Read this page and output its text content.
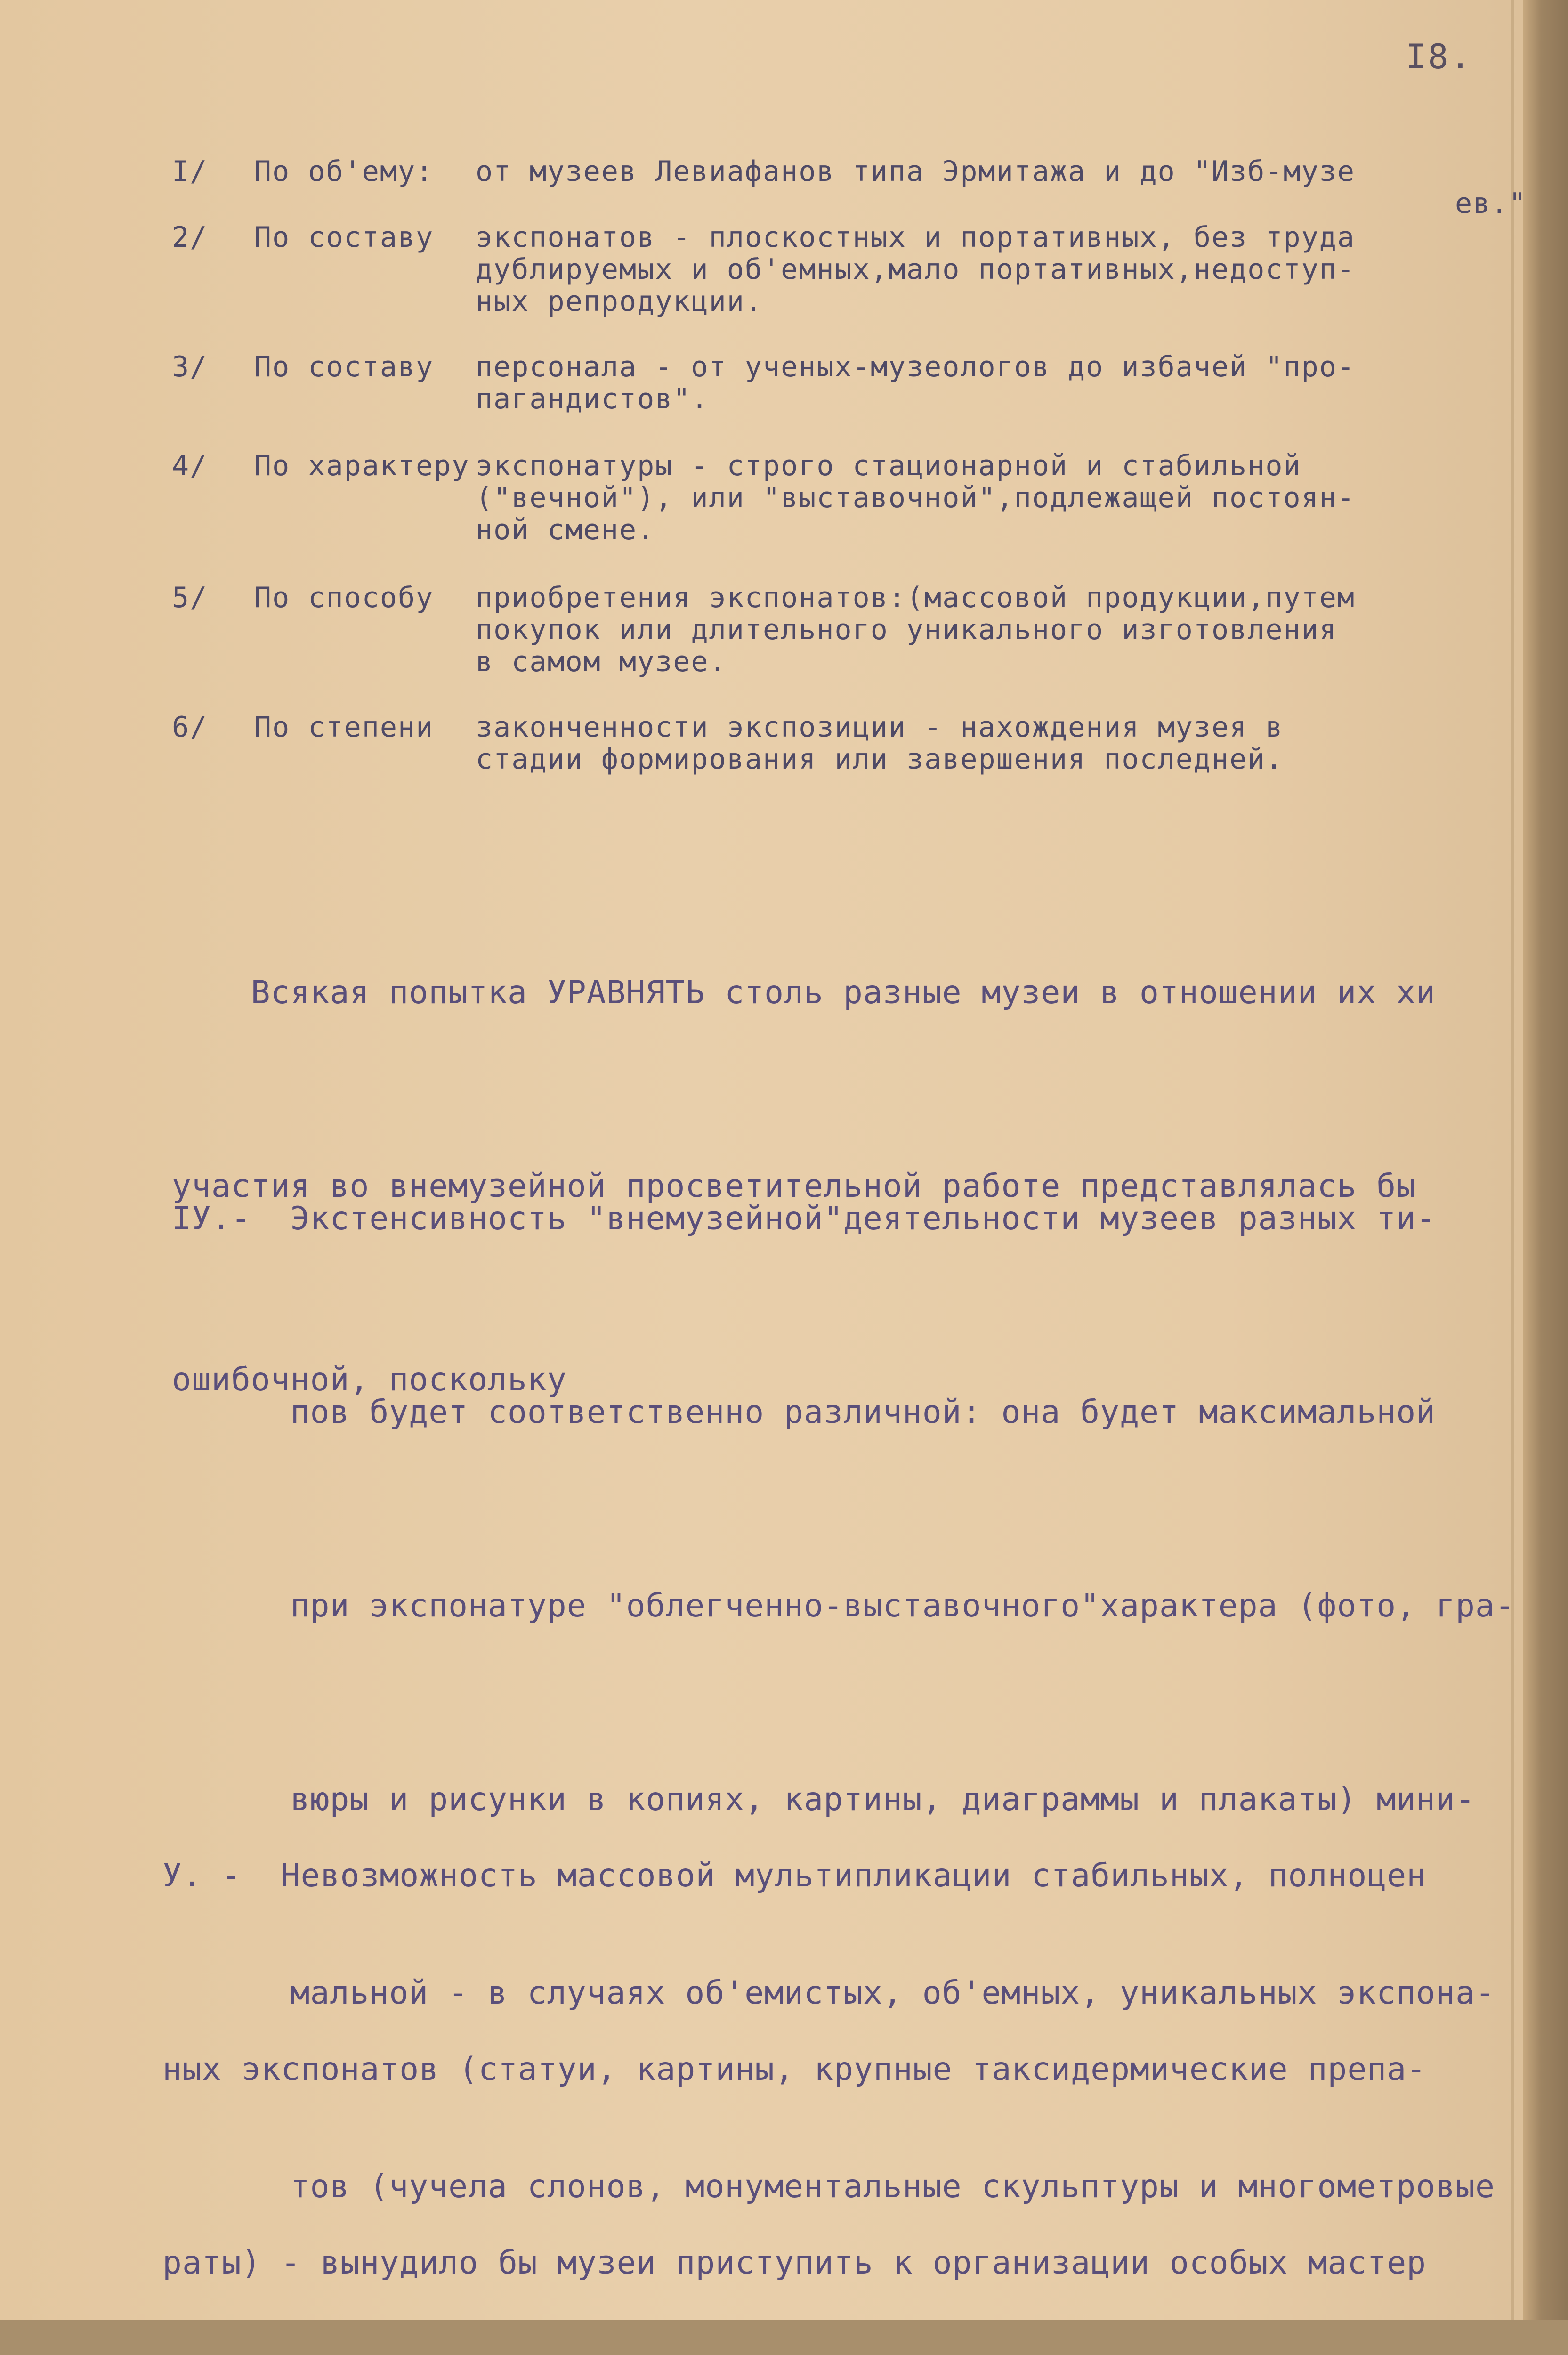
I8.
I/ По об'ему: от музеев Левиафанов типа Эрмитажа и до "Изб-музе
ев."
2/ По составу экспонатов - плоскостных и портативных, без труда
дублируемых и об'емных,мало портативных,недоступ-
ных репродукции.
3/ По составу персонала - от ученых-музеологов до избачей "про-
пагандистов".
4/ По характеру экспонатуры - строго стационарной и стабильной
("вечной"), или "выставочной",подлежащей постоян-
ной смене.
5/ По способу приобретения экспонатов:(массовой продукции,путем
покупок или длительного уникального изготовления
в самом музее.
6/ По степени законченности экспозиции - нахождения музея в
стадии формирования или завершения последней.

Всякая попытка УРАВНЯТЬ столь разные музеи в отношении их хи

участия во внемузейной просветительной работе представлялась бы

ошибочной, поскольку

IУ.-  Экстенсивность "внемузейной"деятельности музеев разных ти-

пов будет соответственно различной: она будет максимальной

при экспонатуре "облегченно-выставочного"характера (фото, гра-

вюры и рисунки в копиях, картины, диаграммы и плакаты) мини-

мальной - в случаях об'емистых, об'емных, уникальных экспона-

тов (чучела слонов, монументальные скульптуры и многометровые

У. -  Невозможность массовой мультипликации стабильных, полноцен

ных экспонатов (статуи, картины, крупные таксидермические препа-

раты) - вынудило бы музеи приступить к организации особых мастер
